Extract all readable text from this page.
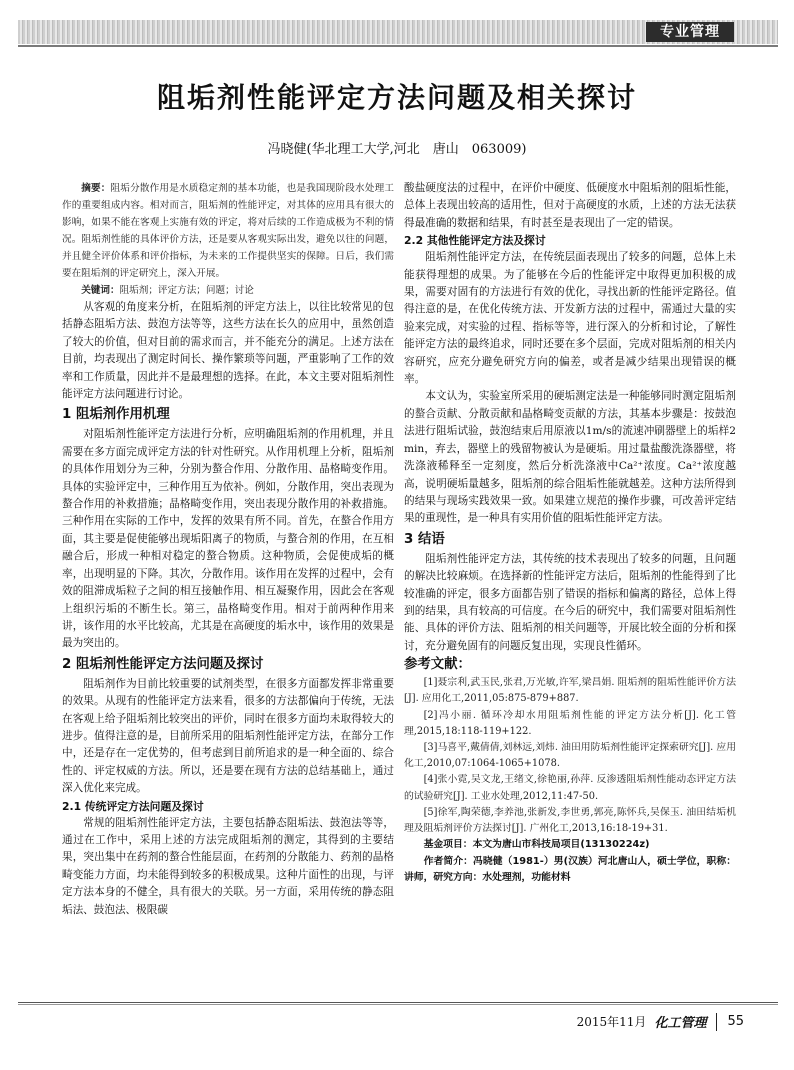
专业管理
阻垢剂性能评定方法问题及相关探讨
冯晓健(华北理工大学,河北　唐山　063009)

摘要：阻垢分散作用是水质稳定剂的基本功能，也是我国现阶段水处理工作的重要组成内容。相对而言，阻垢剂的性能评定，对其体的应用具有很大的影响，如果不能在客观上实施有效的评定，将对后续的工作造成极为不利的情况。阻垢剂性能的具体评价方法，还是要从客观实际出发，避免以往的问题，并且健全评价体系和评价指标，为未来的工作提供坚实的保障。日后，我们需要在阻垢剂的评定研究上，深入开展。

关键词：阻垢剂；评定方法；问题；讨论

从客观的角度来分析，在阻垢剂的评定方法上，以往比较常见的包括静态阻垢方法、鼓泡方法等等，这些方法在长久的应用中，虽然创造了较大的价值，但对目前的需求而言，并不能充分的满足。上述方法在目前，均表现出了测定时间长、操作繁琐等问题，严重影响了工作的效率和工作质量，因此并不是最理想的选择。在此，本文主要对阻垢剂性能评定方法问题进行讨论。

1 阻垢剂作用机理

对阻垢剂性能评定方法进行分析，应明确阻垢剂的作用机理，并且需要在多方面完成评定方法的针对性研究。从作用机理上分析，阻垢剂的具体作用划分为三种，分别为螯合作用、分散作用、晶格畸变作用。具体的实验评定中，三种作用互为依补。例如，分散作用，突出表现为螯合作用的补救措施；晶格畸变作用，突出表现分散作用的补救措施。三种作用在实际的工作中，发挥的效果有所不同。首先，在螯合作用方面，其主要是促使能够出现垢阳离子的物质，与螯合剂的作用，在互相融合后，形成一种相对稳定的螯合物质。这种物质，会促使成垢的概率，出现明显的下降。其次，分散作用。该作用在发挥的过程中，会有效的阻滞成垢粒子之间的相互接触作用、相互凝聚作用，因此会在客观上组织污垢的不断生长。第三，晶格畸变作用。相对于前两种作用来讲，该作用的水平比较高，尤其是在高硬度的垢水中，该作用的效果是最为突出的。

2 阻垢剂性能评定方法问题及探讨

阻垢剂作为目前比较重要的试剂类型，在很多方面都发挥非常重要的效果。从现有的性能评定方法来看，很多的方法都偏向于传统，无法在客观上给予阻垢剂比较突出的评价，同时在很多方面均未取得较大的进步。值得注意的是，目前所采用的阻垢剂性能评定方法，在部分工作中，还是存在一定优势的，但考虑到目前所追求的是一种全面的、综合性的、评定权威的方法。所以，还是要在现有方法的总结基础上，通过深入优化来完成。

2.1 传统评定方法问题及探讨

常规的阻垢剂性能评定方法，主要包括静态阻垢法、鼓泡法等等，通过在工作中，采用上述的方法完成阻垢剂的测定，其得到的主要结果，突出集中在药剂的螯合性能层面，在药剂的分散能力、药剂的晶格畸变能力方面，均未能得到较多的积极成果。这种片面性的出现，与评定方法本身的不健全，具有很大的关联。另一方面，采用传统的静态阻垢法、鼓泡法、极限碳

酸盐硬度法的过程中，在评价中硬度、低硬度水中阻垢剂的阻垢性能，总体上表现出较高的适用性，但对于高硬度的水质，上述的方法无法获得最准确的数据和结果，有时甚至是表现出了一定的错误。

2.2 其他性能评定方法及探讨

阻垢剂性能评定方法，在传统层面表现出了较多的问题，总体上未能获得理想的成果。为了能够在今后的性能评定中取得更加积极的成果，需要对固有的方法进行有效的优化，寻找出新的性能评定路径。值得注意的是，在优化传统方法、开发新方法的过程中，需通过大量的实验来完成，对实验的过程、指标等等，进行深入的分析和讨论，了解性能评定方法的最终追求，同时还要在多个层面，完成对阻垢剂的相关内容研究，应充分避免研究方向的偏差，或者是减少结果出现错误的概率。

本文认为，实验室所采用的硬垢测定法是一种能够同时测定阻垢剂的螯合贡献、分散贡献和晶格畸变贡献的方法，其基本步骤是：按鼓泡法进行阻垢试验，鼓泡结束后用原液以1m/s的流速冲刷器壁上的垢样2 min，弃去，器壁上的残留物被认为是硬垢。用过量盐酸洗涤器壁，将洗涤液稀释至一定刻度，然后分析洗涤液中Ca²⁺浓度。Ca²⁺浓度越高，说明硬垢量越多，阻垢剂的综合阻垢性能就越差。这种方法所得到的结果与现场实践效果一致。如果建立规范的操作步骤，可改善评定结果的重现性，是一种具有实用价值的阻垢性能评定方法。

3 结语

阻垢剂性能评定方法，其传统的技术表现出了较多的问题，且问题的解决比较麻烦。在选择新的性能评定方法后，阻垢剂的性能得到了比较准确的评定，很多方面都告别了错误的指标和偏离的路径，总体上得到的结果，具有较高的可信度。在今后的研究中，我们需要对阻垢剂性能、具体的评价方法、阻垢剂的相关问题等，开展比较全面的分析和探讨，充分避免固有的问题反复出现，实现良性循环。

参考文献：

[1]聂宗利,武玉民,张君,万光敏,许军,梁昌娟. 阻垢剂的阻垢性能评价方法[J]. 应用化工,2011,05:875-879+887.

[2]冯小丽. 循环冷却水用阻垢剂性能的评定方法分析[J]. 化工管理,2015,18:118-119+122.

[3]马喜平,戴倩倩,刘林远,刘炜. 油田用防垢剂性能评定探索研究[J]. 应用化工,2010,07:1064-1065+1078.

[4]张小霓,吴文龙,王绪文,徐艳丽,孙萍. 反渗透阻垢剂性能动态评定方法的试验研究[J]. 工业水处理,2012,11:47-50.

[5]徐军,陶荣德,李养池,张新发,李世勇,郭亮,陈怀兵,吴保玉. 油田结垢机理及阻垢剂评价方法探讨[J]. 广州化工,2013,16:18-19+31.

基金项目：本文为唐山市科技局项目(13130224z)

作者简介：冯晓健（1981-）男(汉族）河北唐山人，硕士学位，职称：讲师，研究方向：水处理剂，功能材料

2015年11月 化工管理 55
